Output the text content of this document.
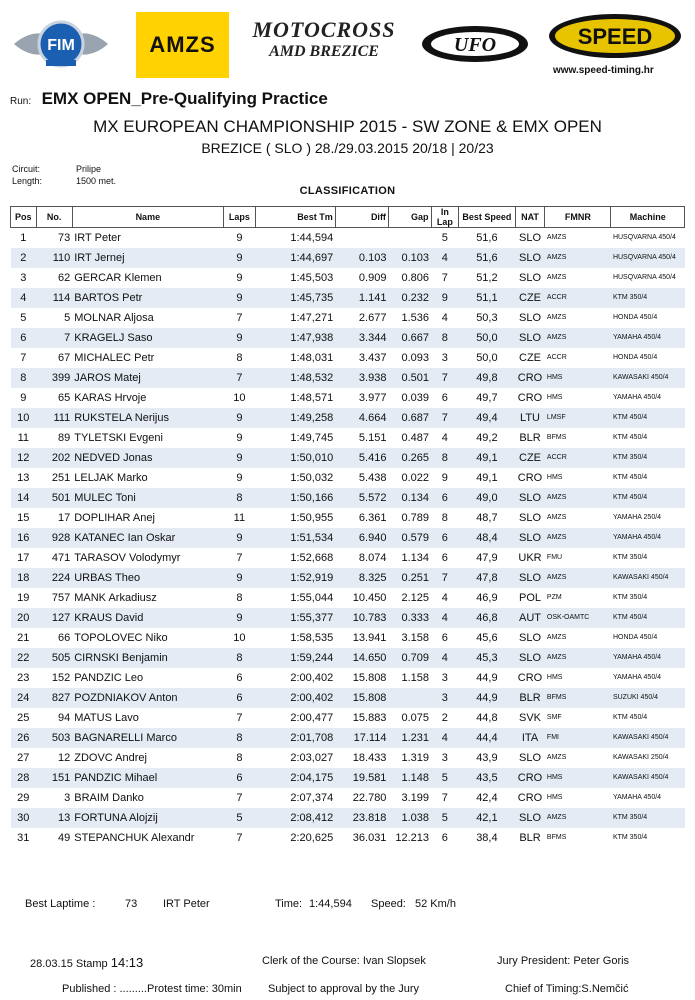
FIM	AMZS
MOTOCROSS
AMD BREZICE	UFO	SPEED
www.speed-timing.hr
Run: EMX OPEN_Pre-Qualifying Practice
MX EUROPEAN CHAMPIONSHIP 2015 - SW ZONE & EMX OPEN
BREZICE ( SLO ) 28./29.03.2015 20/18 | 20/23
Circuit:	Prilipe
Length:	1500 met.
CLASSIFICATION
Pos	No.	Name	Laps	Best Tm	Diff	Gap	In Lap	Best Speed	NAT	FMNR	Machine
1	73	IRT Peter	9	1:44,594			5	51,6	SLO	AMZS	HUSQVARNA 450/4
2	110	IRT Jernej	9	1:44,697	0.103	0.103	4	51,6	SLO	AMZS	HUSQVARNA 450/4
3	62	GERCAR Klemen	9	1:45,503	0.909	0.806	7	51,2	SLO	AMZS	HUSQVARNA 450/4
4	114	BARTOS Petr	9	1:45,735	1.141	0.232	9	51,1	CZE	ACCR	KTM 350/4
5	5	MOLNAR Aljosa	7	1:47,271	2.677	1.536	4	50,3	SLO	AMZS	HONDA 450/4
6	7	KRAGELJ Saso	9	1:47,938	3.344	0.667	8	50,0	SLO	AMZS	YAMAHA 450/4
7	67	MICHALEC Petr	8	1:48,031	3.437	0.093	3	50,0	CZE	ACCR	HONDA 450/4
8	399	JAROS Matej	7	1:48,532	3.938	0.501	7	49,8	CRO	HMS	KAWASAKI 450/4
9	65	KARAS Hrvoje	10	1:48,571	3.977	0.039	6	49,7	CRO	HMS	YAMAHA 450/4
10	111	RUKSTELA Nerijus	9	1:49,258	4.664	0.687	7	49,4	LTU	LMSF	KTM 450/4
11	89	TYLETSKI Evgeni	9	1:49,745	5.151	0.487	4	49,2	BLR	BFMS	KTM 450/4
12	202	NEDVED Jonas	9	1:50,010	5.416	0.265	8	49,1	CZE	ACCR	KTM 350/4
13	251	LELJAK Marko	9	1:50,032	5.438	0.022	9	49,1	CRO	HMS	KTM 450/4
14	501	MULEC Toni	8	1:50,166	5.572	0.134	6	49,0	SLO	AMZS	KTM 450/4
15	17	DOPLIHAR Anej	11	1:50,955	6.361	0.789	8	48,7	SLO	AMZS	YAMAHA 250/4
16	928	KATANEC Ian Oskar	9	1:51,534	6.940	0.579	6	48,4	SLO	AMZS	YAMAHA 450/4
17	471	TARASOV Volodymyr	7	1:52,668	8.074	1.134	6	47,9	UKR	FMU	KTM 350/4
18	224	URBAS Theo	9	1:52,919	8.325	0.251	7	47,8	SLO	AMZS	KAWASAKI 450/4
19	757	MANK Arkadiusz	8	1:55,044	10.450	2.125	4	46,9	POL	PZM	KTM 350/4
20	127	KRAUS David	9	1:55,377	10.783	0.333	4	46,8	AUT	OSK-OAMTC	KTM 450/4
21	66	TOPOLOVEC Niko	10	1:58,535	13.941	3.158	6	45,6	SLO	AMZS	HONDA 450/4
22	505	CIRNSKI Benjamin	8	1:59,244	14.650	0.709	4	45,3	SLO	AMZS	YAMAHA 450/4
23	152	PANDZIC Leo	6	2:00,402	15.808	1.158	3	44,9	CRO	HMS	YAMAHA 450/4
24	827	POZDNIAKOV Anton	6	2:00,402	15.808		3	44,9	BLR	BFMS	SUZUKI 450/4
25	94	MATUS Lavo	7	2:00,477	15.883	0.075	2	44,8	SVK	SMF	KTM 450/4
26	503	BAGNARELLI Marco	8	2:01,708	17.114	1.231	4	44,4	ITA	FMI	KAWASAKI 450/4
27	12	ZDOVC Andrej	8	2:03,027	18.433	1.319	3	43,9	SLO	AMZS	KAWASAKI 250/4
28	151	PANDZIC Mihael	6	2:04,175	19.581	1.148	5	43,5	CRO	HMS	KAWASAKI 450/4
29	3	BRAIM Danko	7	2:07,374	22.780	3.199	7	42,4	CRO	HMS	YAMAHA 450/4
30	13	FORTUNA Alojzij	5	2:08,412	23.818	1.038	5	42,1	SLO	AMZS	KTM 350/4
31	49	STEPANCHUK Alexandr	7	2:20,625	36.031	12.213	6	38,4	BLR	BFMS	KTM 350/4
Best Laptime :	73 IRT Peter	Time: 1:44,594 Speed: 52 Km/h
28.03.15 Stamp 14:13	Clerk of the Course: Ivan Slopsek	Jury President: Peter Goris
Published : .........Protest time: 30min Subject to approval by the Jury	Chief of Timing:S.Nemčić
